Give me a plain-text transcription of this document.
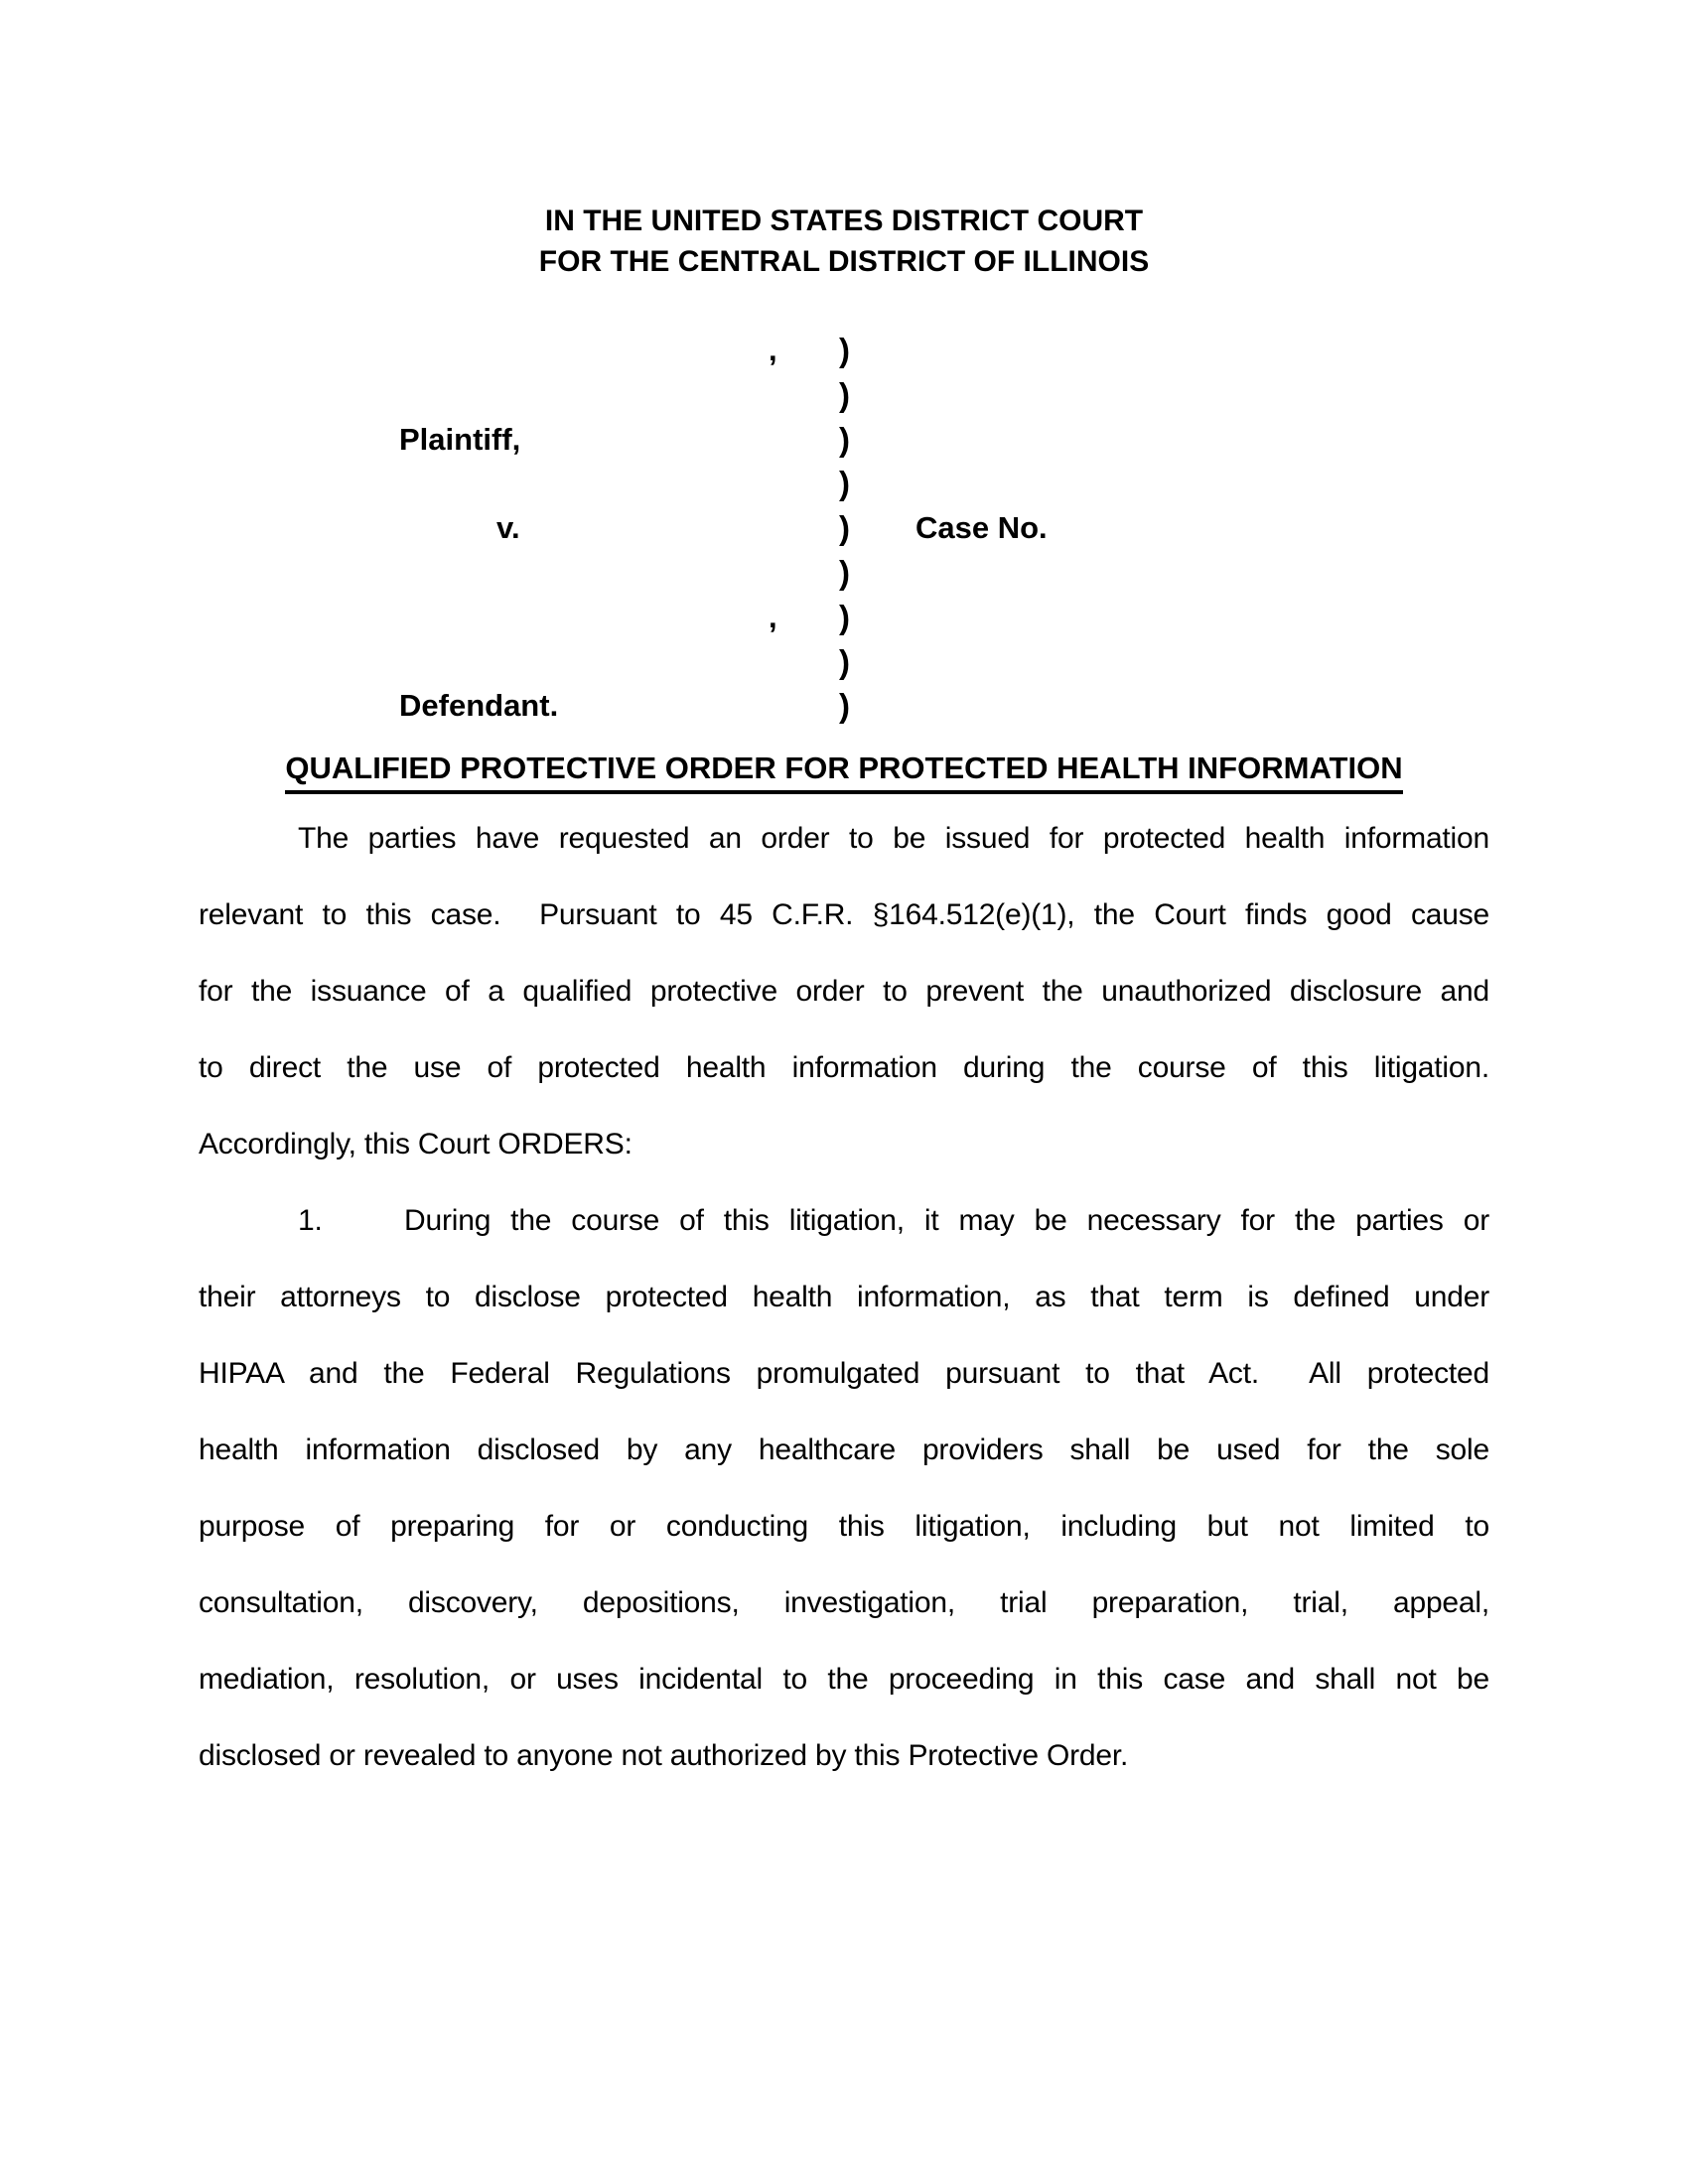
IN THE UNITED STATES DISTRICT COURT
FOR THE CENTRAL DISTRICT OF ILLINOIS
, )
)
Plaintiff,	)
)
v.	) Case No.
)
, )
)
Defendant.	)
QUALIFIED PROTECTIVE ORDER FOR PROTECTED HEALTH INFORMATION
The parties have requested an order to be issued for protected health information
relevant to this case.  Pursuant to 45 C.F.R. §164.512(e)(1), the Court finds good cause
for the issuance of a qualified protective order to prevent the unauthorized disclosure and
to direct the use of protected health information during the course of this litigation.
Accordingly, this Court ORDERS:
1.	During the course of this litigation, it may be necessary for the parties or
their attorneys to disclose protected health information, as that term is defined under
HIPAA and the Federal Regulations promulgated pursuant to that Act.  All protected
health information disclosed by any healthcare providers shall be used for the sole
purpose of preparing for or conducting this litigation, including but not limited to
consultation, discovery, depositions, investigation, trial preparation, trial, appeal,
mediation, resolution, or uses incidental to the proceeding in this case and shall not be
disclosed or revealed to anyone not authorized by this Protective Order.
